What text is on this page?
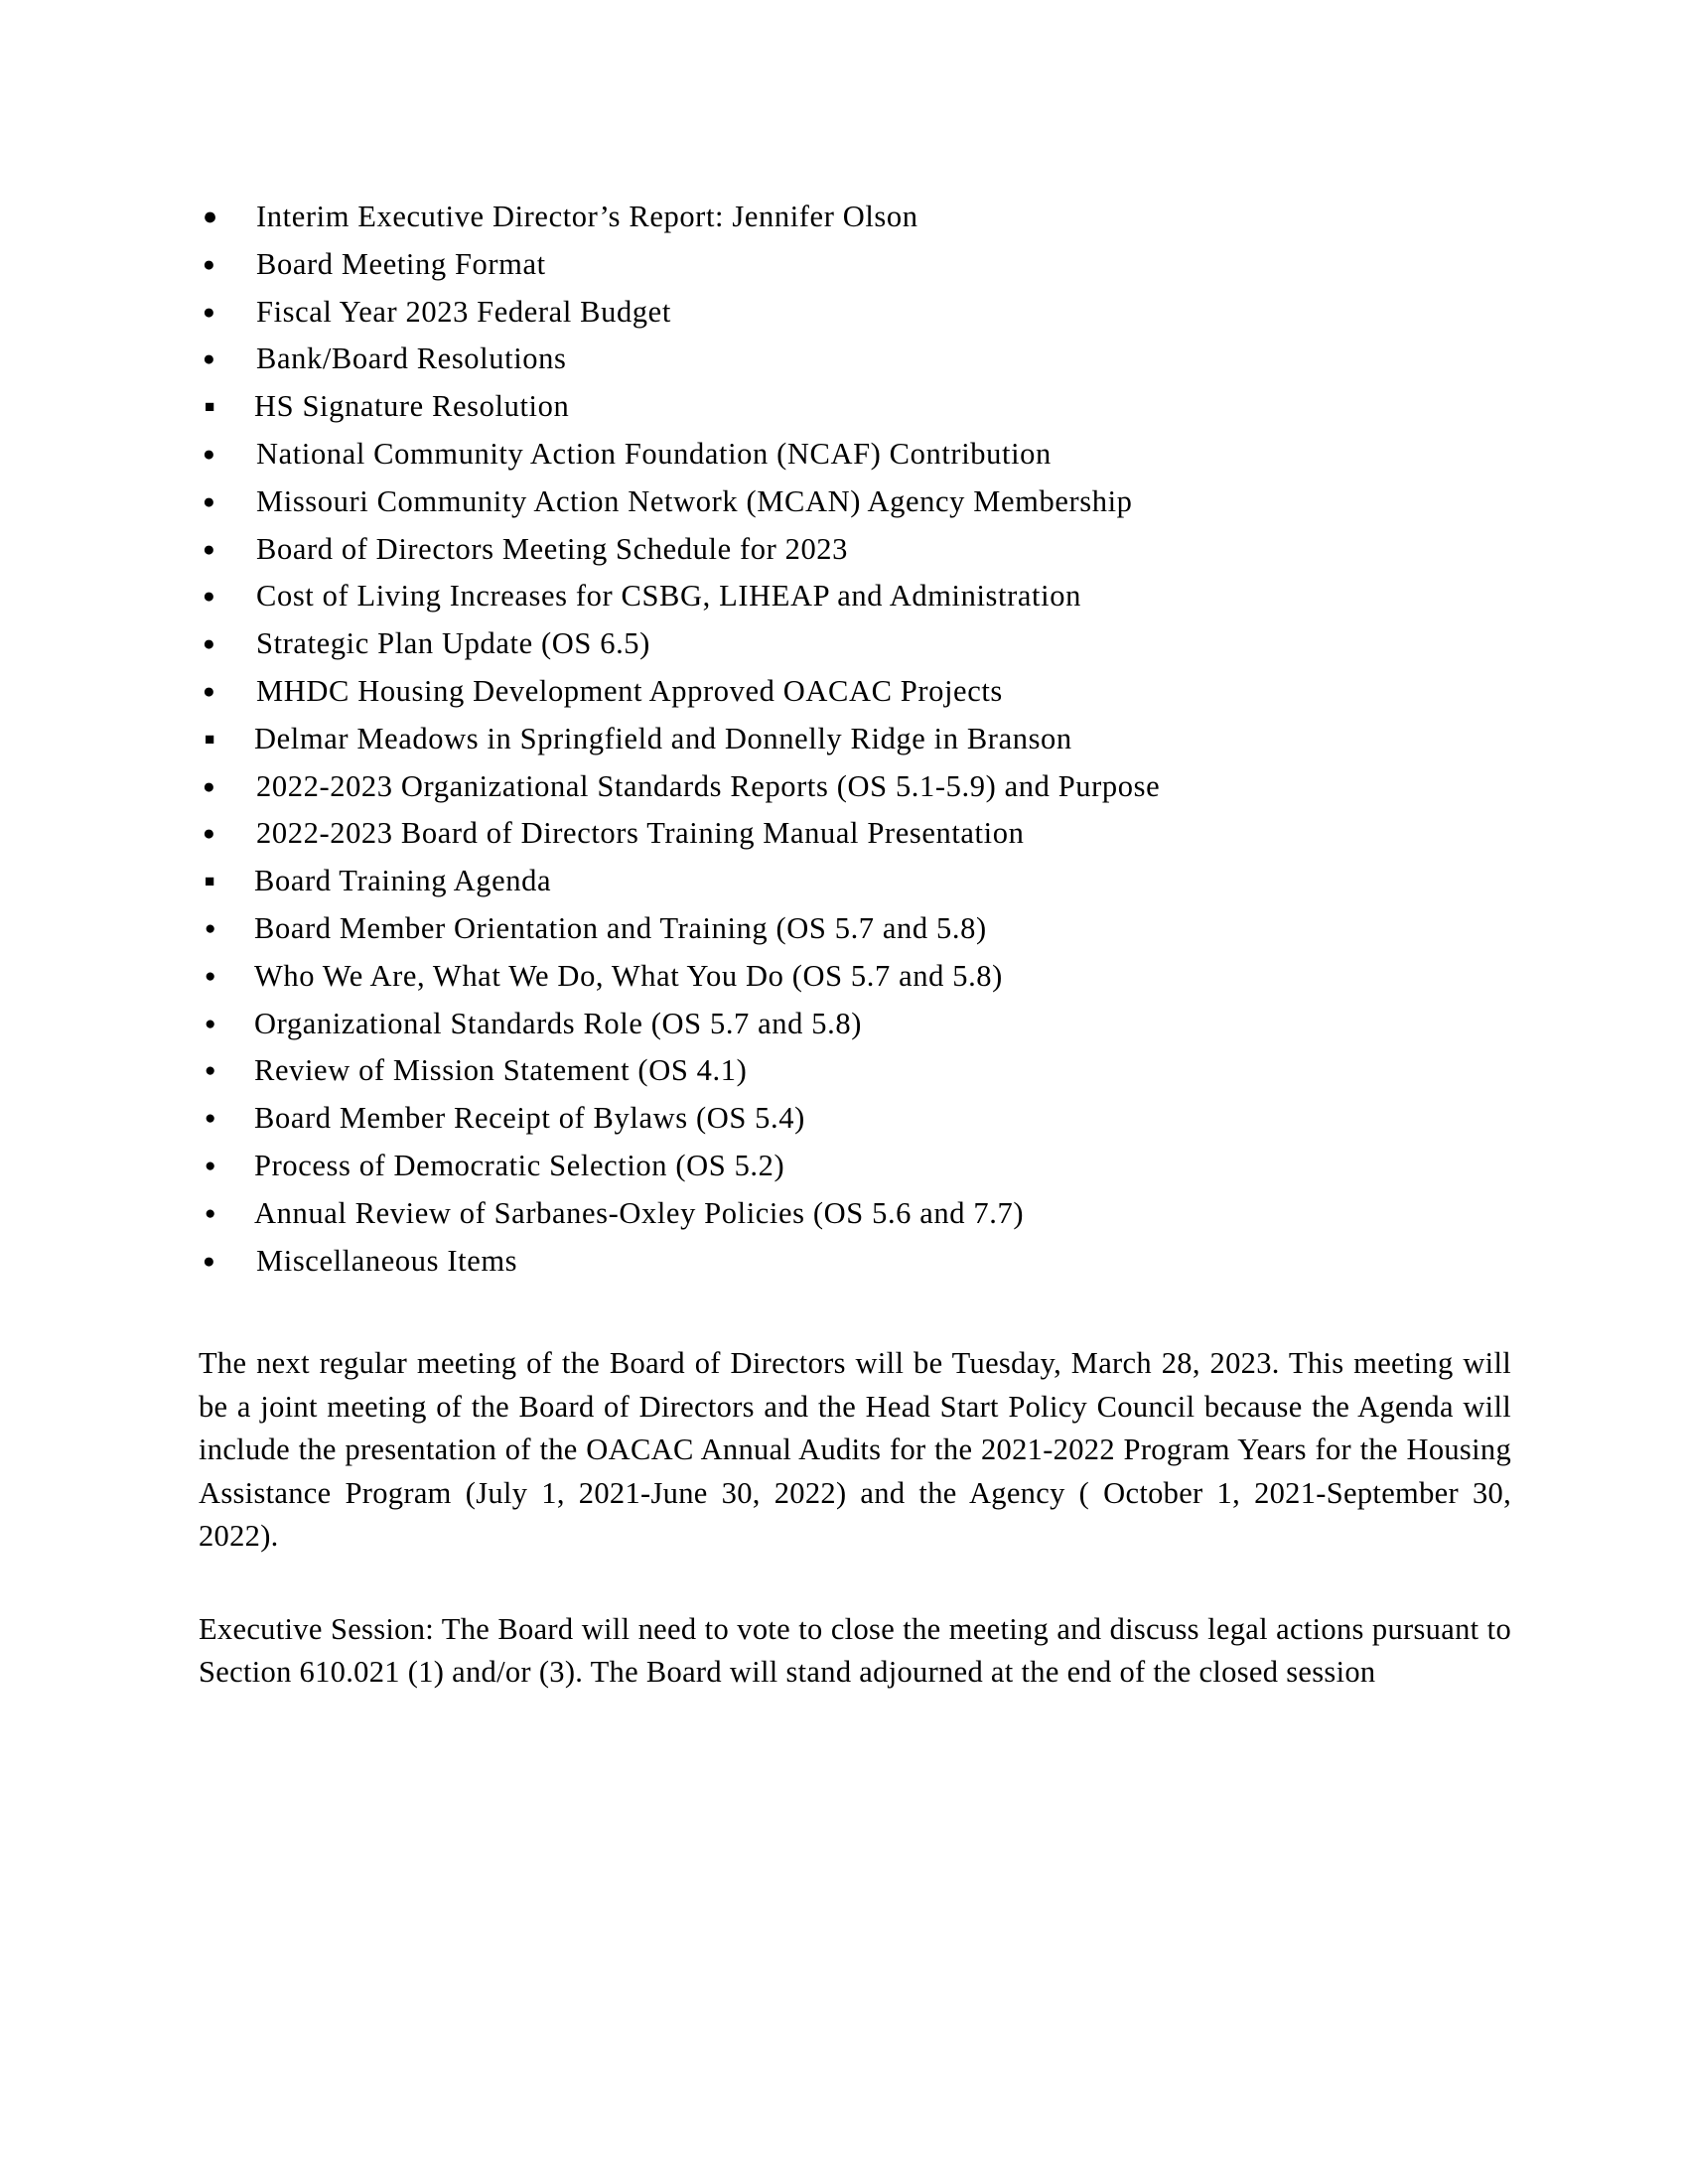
● Interim Executive Director’s Report: Jennifer Olson
● Board Meeting Format
● Fiscal Year 2023 Federal Budget
● Bank/Board Resolutions
■ HS Signature Resolution
● National Community Action Foundation (NCAF) Contribution
● Missouri Community Action Network (MCAN) Agency Membership
● Board of Directors Meeting Schedule for 2023
● Cost of Living Increases for CSBG, LIHEAP and Administration
● Strategic Plan Update (OS 6.5)
● MHDC Housing Development Approved OACAC Projects
■ Delmar Meadows in Springfield and Donnelly Ridge in Branson
● 2022-2023 Organizational Standards Reports (OS 5.1-5.9) and Purpose
● 2022-2023 Board of Directors Training Manual Presentation
■ Board Training Agenda
● Board Member Orientation and Training (OS 5.7 and 5.8)
● Who We Are, What We Do, What You Do (OS 5.7 and 5.8)
● Organizational Standards Role (OS 5.7 and 5.8)
● Review of Mission Statement (OS 4.1)
● Board Member Receipt of Bylaws (OS 5.4)
● Process of Democratic Selection (OS 5.2)
● Annual Review of Sarbanes-Oxley Policies (OS 5.6 and 7.7)
● Miscellaneous Items

The next regular meeting of the Board of Directors will be Tuesday, March 28, 2023. This meeting will be a joint meeting of the Board of Directors and the Head Start Policy Council because the Agenda will include the presentation of the OACAC Annual Audits for the 2021-2022 Program Years for the Housing Assistance Program (July 1, 2021-June 30, 2022) and the Agency ( October 1, 2021-September 30, 2022).

Executive Session: The Board will need to vote to close the meeting and discuss legal actions pursuant to Section 610.021 (1) and/or (3). The Board will stand adjourned at the end of the closed session
